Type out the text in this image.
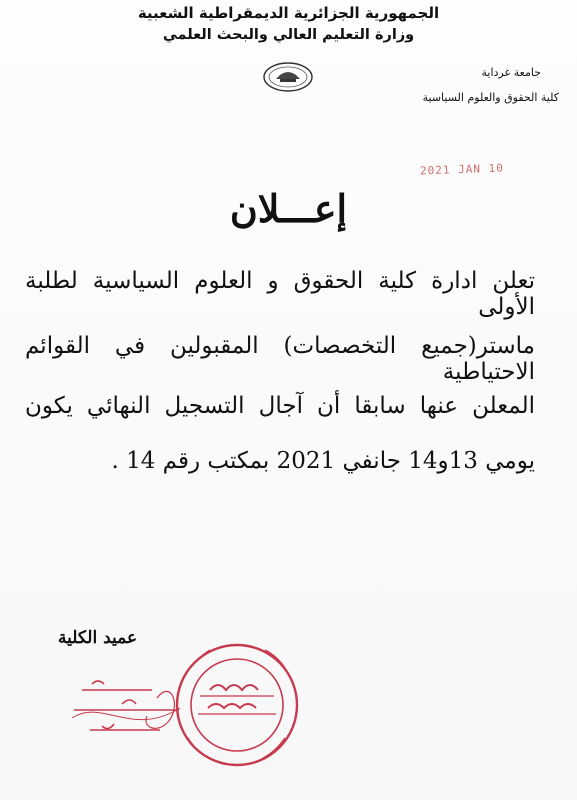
الجمهورية الجزائرية الديمقراطية الشعبية
وزارة التعليم العالي والبحث العلمي
جامعة غرداية
كلية الحقوق والعلوم السياسية
2021 JAN 10
إعـــلان
تعلن ادارة كلية الحقوق و العلوم السياسية لطلبة الأولى
ماستر(جميع التخصصات) المقبولين في القوائم الاحتياطية
المعلن عنها سابقا أن آجال التسجيل النهائي يكون
يومي 13و14 جانفي 2021 بمكتب رقم 14 .
عميد الكلية
